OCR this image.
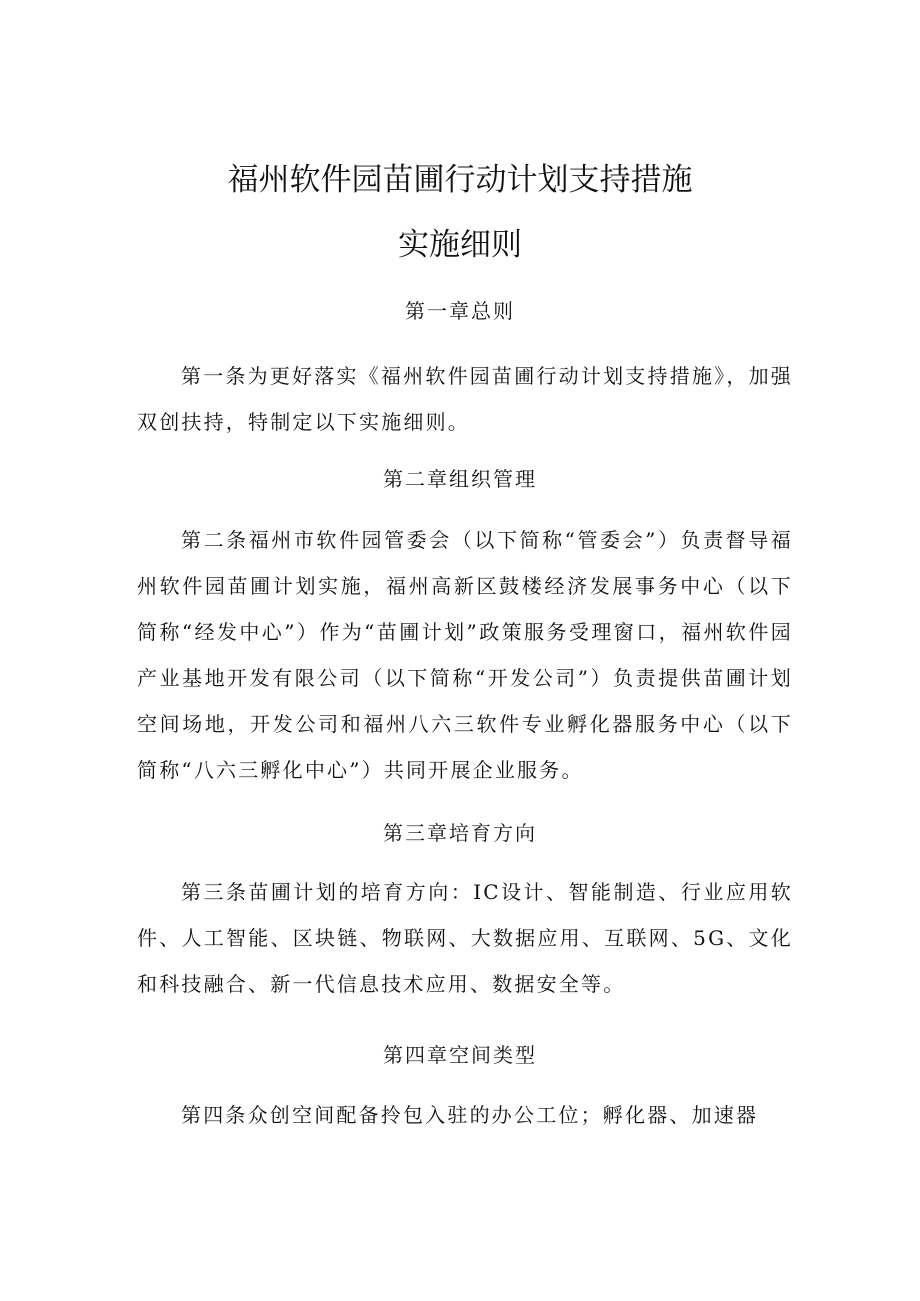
福州软件园苗圃行动计划支持措施
实施细则
第一章总则

第一条为更好落实《福州软件园苗圃行动计划支持措施》，加强双创扶持，特制定以下实施细则。

第二章组织管理

第二条福州市软件园管委会（以下简称“管委会”）负责督导福州软件园苗圃计划实施，福州高新区鼓楼经济发展事务中心（以下简称“经发中心”）作为“苗圃计划”政策服务受理窗口，福州软件园产业基地开发有限公司（以下简称“开发公司”）负责提供苗圃计划空间场地，开发公司和福州八六三软件专业孵化器服务中心（以下简称“八六三孵化中心”）共同开展企业服务。

第三章培育方向

第三条苗圃计划的培育方向：IC设计、智能制造、行业应用软件、人工智能、区块链、物联网、大数据应用、互联网、5G、文化和科技融合、新一代信息技术应用、数据安全等。

第四章空间类型

第四条众创空间配备拎包入驻的办公工位；孵化器、加速器
